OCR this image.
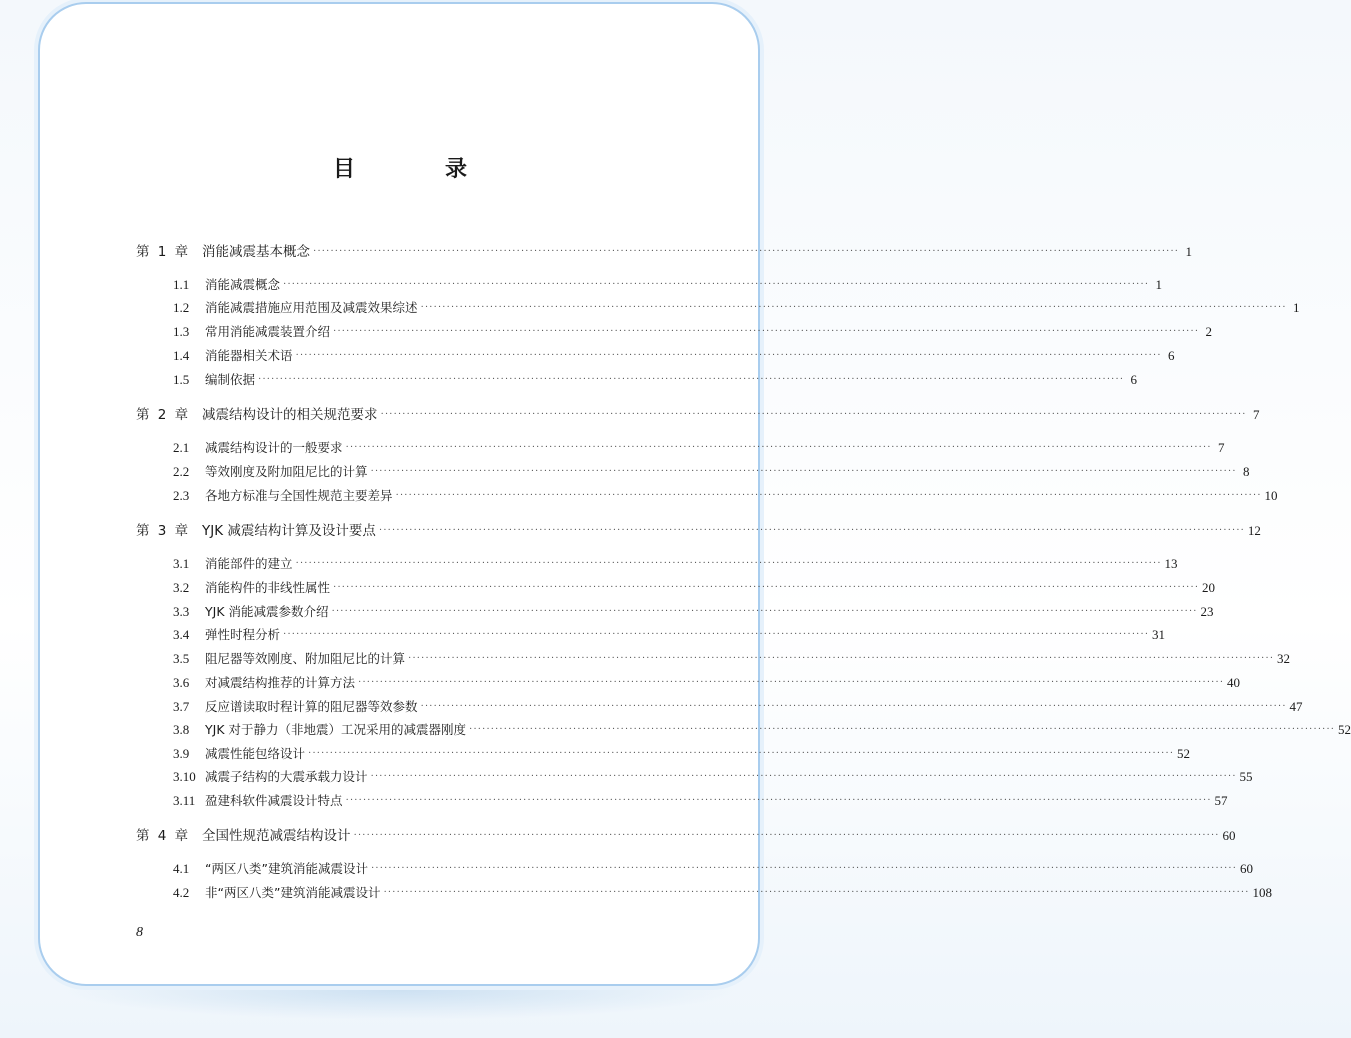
目　录
第 1 章	消能减震基本概念 ········································································································································································································ 1
1.1	消能减震概念 ········································································································································································································ 1
1.2	消能减震措施应用范围及减震效果综述 ········································································································································································································ 1
1.3	常用消能减震装置介绍 ········································································································································································································ 2
1.4	消能器相关术语 ········································································································································································································ 6
1.5	编制依据 ········································································································································································································ 6
第 2 章	减震结构设计的相关规范要求 ········································································································································································································ 7
2.1	减震结构设计的一般要求 ········································································································································································································ 7
2.2	等效刚度及附加阻尼比的计算 ········································································································································································································ 8
2.3	各地方标准与全国性规范主要差异 ········································································································································································································ 10
第 3 章	YJK 减震结构计算及设计要点 ········································································································································································································ 12
3.1	消能部件的建立 ········································································································································································································ 13
3.2	消能构件的非线性属性 ········································································································································································································ 20
3.3	YJK 消能减震参数介绍 ········································································································································································································ 23
3.4	弹性时程分析 ········································································································································································································ 31
3.5	阻尼器等效刚度、附加阻尼比的计算 ········································································································································································································ 32
3.6	对减震结构推荐的计算方法 ········································································································································································································ 40
3.7	反应谱读取时程计算的阻尼器等效参数 ········································································································································································································ 47
3.8	YJK 对于静力（非地震）工况采用的减震器刚度 ········································································································································································································ 52
3.9	减震性能包络设计 ········································································································································································································ 52
3.10 减震子结构的大震承载力设计 ········································································································································································································ 55
3.11 盈建科软件减震设计特点 ········································································································································································································ 57
第 4 章	全国性规范减震结构设计 ········································································································································································································ 60
4.1	“两区八类”建筑消能减震设计 ········································································································································································································ 60
4.2	非“两区八类”建筑消能减震设计 ········································································································································································································ 108
8
